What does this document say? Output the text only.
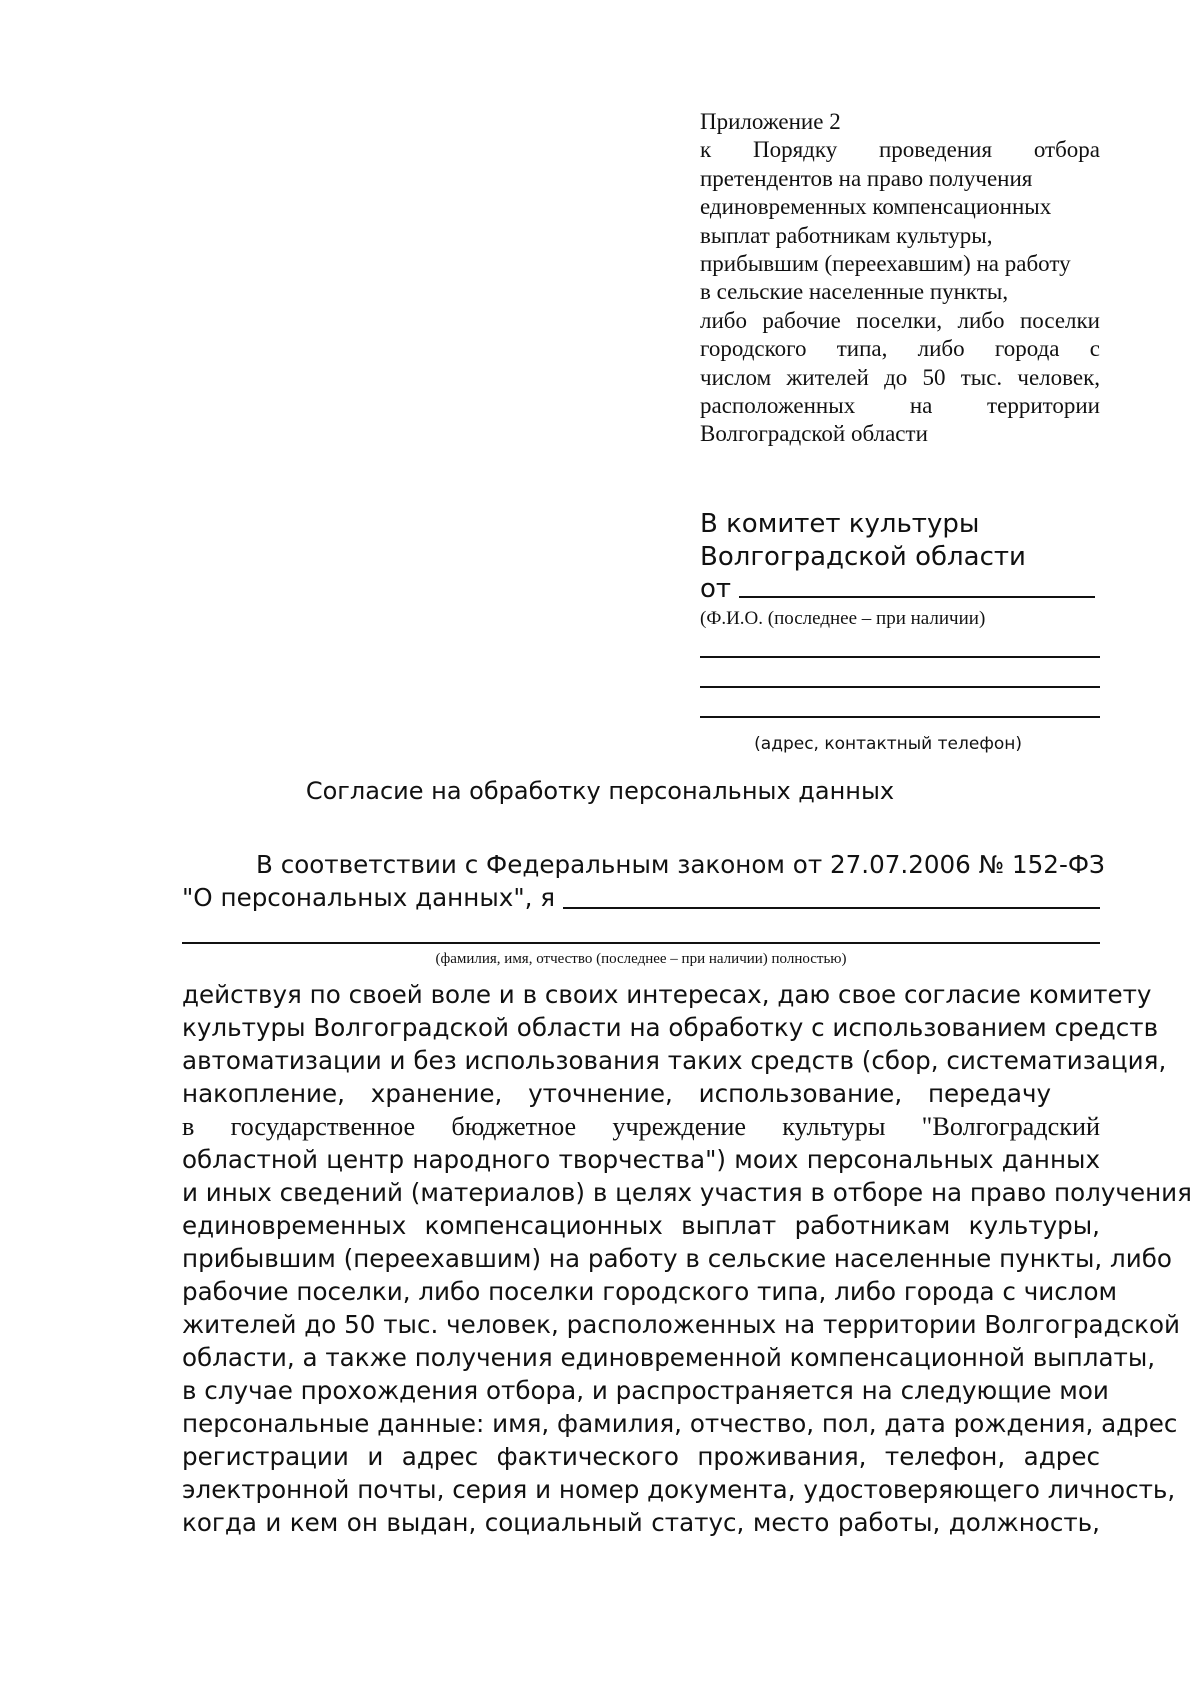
Приложение 2
к Порядку проведения отбора
претендентов на право получения
единовременных компенсационных
выплат работникам культуры,
прибывшим (переехавшим) на работу
в сельские населенные пункты,
либо рабочие поселки, либо поселки
городского типа, либо города с
числом жителей до 50 тыс. человек,
расположенных на территории
Волгоградской области
В комитет культуры
Волгоградской области
от
(Ф.И.О. (последнее – при наличии)
(адрес, контактный телефон)
Согласие на обработку персональных данных
В соответствии с Федеральным законом от 27.07.2006 № 152-ФЗ
"О персональных данных", я
(фамилия, имя, отчество (последнее – при наличии) полностью)
действуя по своей воле и в своих интересах, даю свое согласие комитету
культуры Волгоградской области на обработку с использованием средств
автоматизации и без использования таких средств (сбор, систематизация,
накопление, хранение, уточнение, использование, передачу
в государственное бюджетное учреждение культуры "Волгоградский
областной центр народного творчества") моих персональных данных
и иных сведений (материалов) в целях участия в отборе на право получения
единовременных компенсационных выплат работникам культуры,
прибывшим (переехавшим) на работу в сельские населенные пункты, либо
рабочие поселки, либо поселки городского типа, либо города с числом
жителей до 50 тыс. человек, расположенных на территории Волгоградской
области, а также получения единовременной компенсационной выплаты,
в случае прохождения отбора, и распространяется на следующие мои
персональные данные: имя, фамилия, отчество, пол, дата рождения, адрес
регистрации и адрес фактического проживания, телефон, адрес
электронной почты, серия и номер документа, удостоверяющего личность,
когда и кем он выдан, социальный статус, место работы, должность,
